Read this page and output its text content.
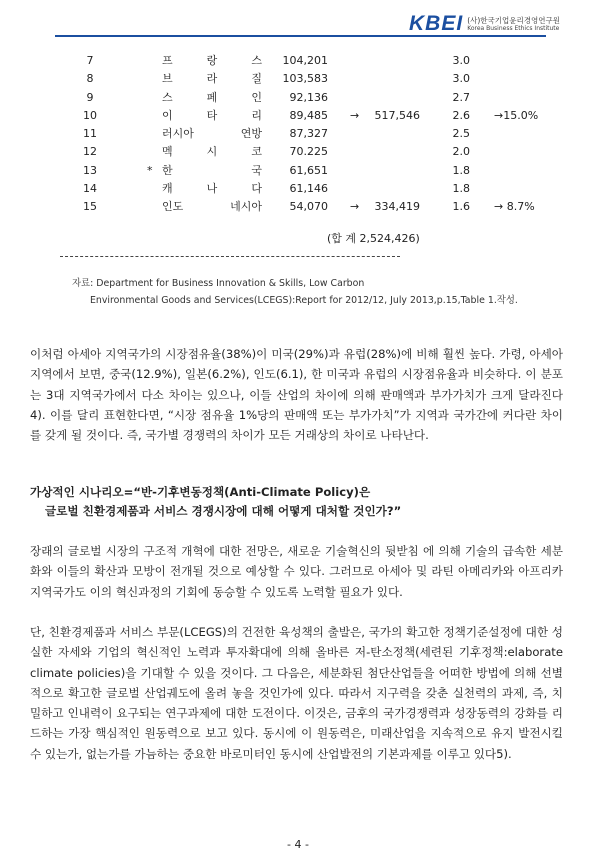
KBEI (사)한국기업윤리경영연구원
Korea Business Ethics Institute
7	프	랑	스	104,201	3.0
8	브	라	질	103,583	3.0
9	스	페	인	92,136	2.7
10	이	타	리	89,485 →	517,546	2.6 →15.0%
11	러시아	연방	87,327	2.5
12	멕	시	코	70.225	2.0
13	* 한	국	61,651	1.8
14	캐	나	다	61,146	1.8
15	인도	네시아	54,070 →	334,419	1.6 → 8.7%
(합 계 2,524,426)
자료: Department for Business Innovation & Skills, Low Carbon
Environmental Goods and Services(LCEGS):Report for 2012/12, July 2013,p.15,Table 1.작성.
이처럼 아세아 지역국가의 시장점유율(38%)이 미국(29%)과 유럽(28%)에 비해 훨씬 높다. 가령, 아세아지역에서 보면, 중국(12.9%), 일본(6.2%), 인도(6.1), 한 미국과 유럽의 시장점유율과 비슷하다. 이 분포는 3대 지역국가에서 다소 차이는 있으나, 이들 산업의 차이에 의해 판매액과 부가가치가 크게 달라진다4). 이를 달리 표현한다면, “시장 점유율 1%당의 판매액 또는 부가가치”가 지역과 국가간에 커다란 차이를 갖게 될 것이다. 즉, 국가별 경쟁력의 차이가 모든 거래상의 차이로 나타난다.
가상적인 시나리오=“반-기후변동정책(Anti-Climate Policy)은
글로벌 친환경제품과 서비스 경쟁시장에 대해 어떻게 대처할 것인가?”
장래의 글로벌 시장의 구조적 개혁에 대한 전망은, 새로운 기술혁신의 뒷받침 에 의해 기술의 급속한 세분화와 이들의 확산과 모방이 전개될 것으로 예상할 수 있다. 그러므로 아세아 및 라틴 아메리카와 아프리카 지역국가도 이의 혁신과정의 기회에 동승할 수 있도록 노력할 필요가 있다.
단, 친환경제품과 서비스 부문(LCEGS)의 건전한 육성책의 출발은, 국가의 확고한 정책기준설정에 대한 성실한 자세와 기업의 혁신적인 노력과 투자확대에 의해 올바른 저-탄소정책(세련된 기후정책:elaborate climate policies)을 기대할 수 있을 것이다. 그 다음은, 세분화된 첨단산업들을 어떠한 방법에 의해 선별적으로 확고한 글로벌 산업궤도에 올려 놓을 것인가에 있다. 따라서 지구력을 갖춘 실천력의 과제, 즉, 치밀하고 인내력이 요구되는 연구과제에 대한 도전이다. 이것은, 금후의 국가경쟁력과 성장동력의 강화를 리드하는 가장 핵심적인 원동력으로 보고 있다. 동시에 이 원동력은, 미래산업을 지속적으로 유지 발전시킬 수 있는가, 없는가를 가늠하는 중요한 바로미터인 동시에 산업발전의 기본과제를 이루고 있다5).
- 4 -
